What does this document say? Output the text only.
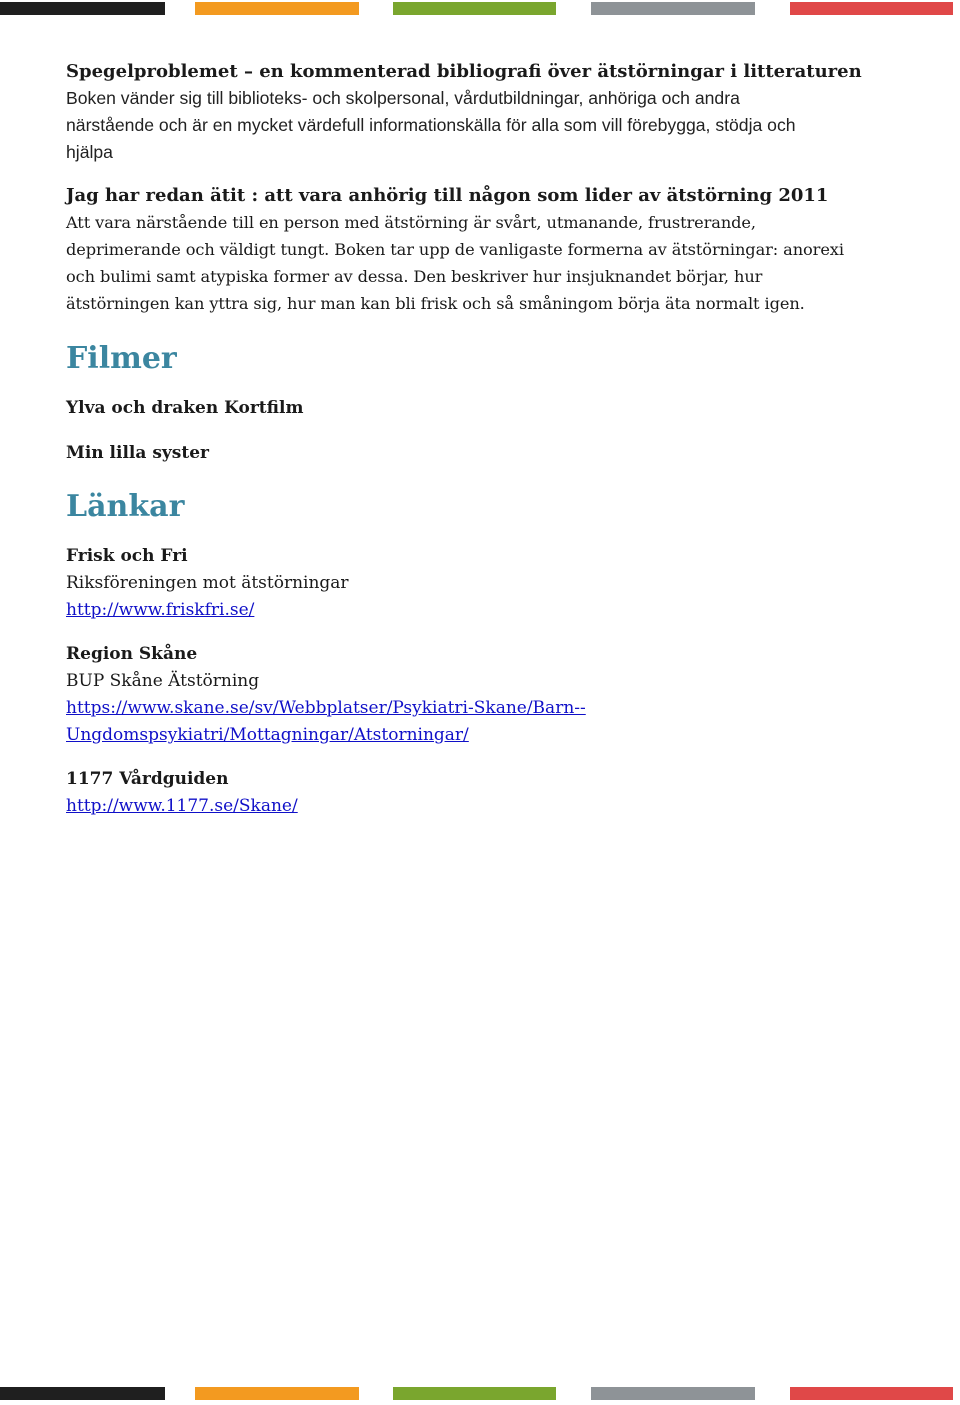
Spegelproblemet – en kommenterad bibliografi över ätstörningar i litteraturen

Boken vänder sig till biblioteks- och skolpersonal, vårdutbildningar, anhöriga och andra

närstående och är en mycket värdefull informationskälla för alla som vill förebygga, stödja och

hjälpa

Jag har redan ätit : att vara anhörig till någon som lider av ätstörning 2011

Att vara närstående till en person med ätstörning är svårt, utmanande, frustrerande,

deprimerande och väldigt tungt. Boken tar upp de vanligaste formerna av ätstörningar: anorexi

och bulimi samt atypiska former av dessa. Den beskriver hur insjuknandet börjar, hur

ätstörningen kan yttra sig, hur man kan bli frisk och så småningom börja äta normalt igen.

Filmer

Ylva och draken Kortfilm

Min lilla syster

Länkar

Frisk och Fri

Riksföreningen mot ätstörningar

http://www.friskfri.se/

Region Skåne

BUP Skåne Ätstörning

https://www.skane.se/sv/Webbplatser/Psykiatri-Skane/Barn--

Ungdomspsykiatri/Mottagningar/Atstorningar/

1177 Vårdguiden

http://www.1177.se/Skane/
